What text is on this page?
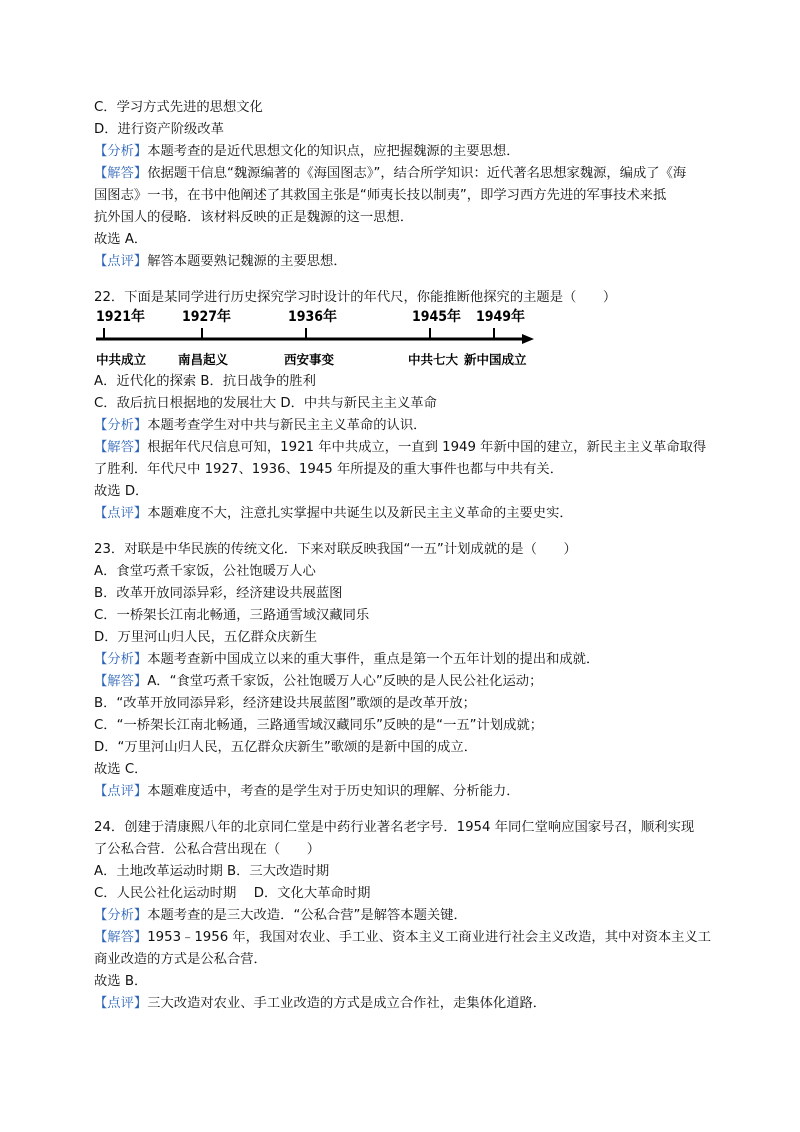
C．学习方式先进的思想文化
D．进行资产阶级改革
【分析】本题考查的是近代思想文化的知识点，应把握魏源的主要思想．
【解答】依据题干信息“魏源编著的《海国图志》”，结合所学知识：近代著名思想家魏源，编成了《海
国图志》一书，在书中他阐述了其救国主张是“师夷长技以制夷”，即学习西方先进的军事技术来抵
抗外国人的侵略．该材料反映的正是魏源的这一思想．
故选 A．
【点评】解答本题要熟记魏源的主要思想．
22．下面是某同学进行历史探究学习时设计的年代尺，你能推断他探究的主题是（　　）
1921年	1927年	1936年	1945年 1949年
中共成立	南昌起义	西安事变	中共七大 新中国成立
A．近代化的探索 B．抗日战争的胜利
C．敌后抗日根据地的发展壮大 D．中共与新民主主义革命
【分析】本题考查学生对中共与新民主主义革命的认识．
【解答】根据年代尺信息可知，1921 年中共成立，一直到 1949 年新中国的建立，新民主主义革命取得
了胜利．年代尺中 1927、1936、1945 年所提及的重大事件也都与中共有关．
故选 D．
【点评】本题难度不大，注意扎实掌握中共诞生以及新民主主义革命的主要史实．
23．对联是中华民族的传统文化．下来对联反映我国“一五”计划成就的是（　　）
A．食堂巧煮千家饭，公社饱暖万人心
B．改革开放同添异彩，经济建设共展蓝图
C．一桥架长江南北畅通，三路通雪域汉藏同乐
D．万里河山归人民，五亿群众庆新生
【分析】本题考查新中国成立以来的重大事件，重点是第一个五年计划的提出和成就．
【解答】A．“食堂巧煮千家饭，公社饱暖万人心”反映的是人民公社化运动；
B．“改革开放同添异彩，经济建设共展蓝图”歌颂的是改革开放；
C．“一桥架长江南北畅通，三路通雪域汉藏同乐”反映的是“一五”计划成就；
D．“万里河山归人民，五亿群众庆新生”歌颂的是新中国的成立．
故选 C．
【点评】本题难度适中，考查的是学生对于历史知识的理解、分析能力．
24．创建于清康熙八年的北京同仁堂是中药行业著名老字号．1954 年同仁堂响应国家号召，顺利实现
了公私合营．公私合营出现在（　　）
A．土地改革运动时期 B．三大改造时期
C．人民公社化运动时期　 D．文化大革命时期
【分析】本题考查的是三大改造．“公私合营”是解答本题关键．
【解答】1953﹣1956 年，我国对农业、手工业、资本主义工商业进行社会主义改造，其中对资本主义工
商业改造的方式是公私合营．
故选 B．
【点评】三大改造对农业、手工业改造的方式是成立合作社，走集体化道路．
